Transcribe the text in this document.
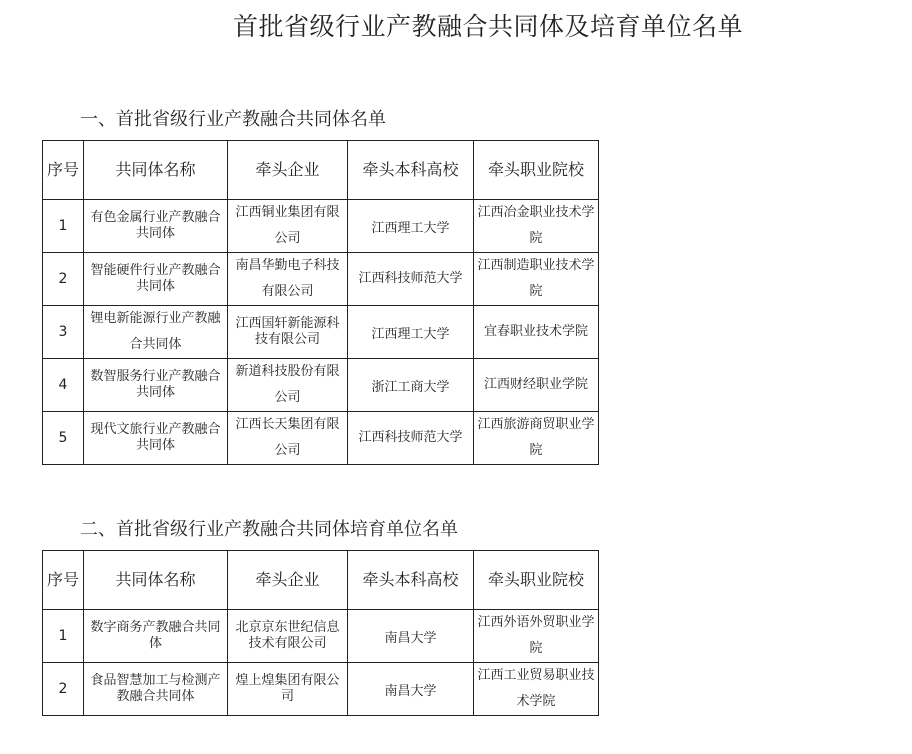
首批省级行业产教融合共同体及培育单位名单
一、首批省级行业产教融合共同体名单
序号	共同体名称	牵头企业	牵头本科高校	牵头职业院校
1	有色金属行业产教融合共同体	江西铜业集团有限公司	江西理工大学	江西冶金职业技术学院
2	智能硬件行业产教融合共同体	南昌华勤电子科技有限公司	江西科技师范大学	江西制造职业技术学院
3	锂电新能源行业产教融合共同体	江西国轩新能源科技有限公司	江西理工大学	宜春职业技术学院
4	数智服务行业产教融合共同体	新道科技股份有限公司	浙江工商大学	江西财经职业学院
5	现代文旅行业产教融合共同体	江西长天集团有限公司	江西科技师范大学	江西旅游商贸职业学院
二、首批省级行业产教融合共同体培育单位名单
序号	共同体名称	牵头企业	牵头本科高校	牵头职业院校
1	数字商务产教融合共同体	北京京东世纪信息技术有限公司	南昌大学	江西外语外贸职业学院
2	食品智慧加工与检测产教融合共同体	煌上煌集团有限公司	南昌大学	江西工业贸易职业技术学院
